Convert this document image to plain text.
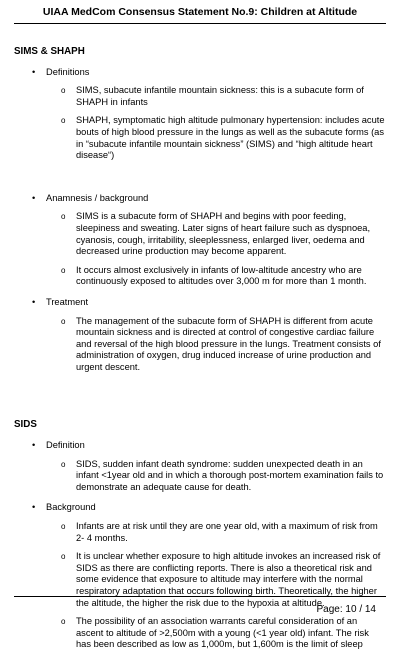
UIAA MedCom Consensus Statement No.9: Children at Altitude
SIMS & SHAPH
• Definitions
o SIMS, subacute infantile mountain sickness: this is a subacute form of SHAPH in infants
o SHAPH, symptomatic high altitude pulmonary hypertension: includes acute bouts of high blood pressure in the lungs as well as the subacute forms (as in “subacute infantile mountain sickness” (SIMS) and “high altitude heart disease“)
• Anamnesis / background
o SIMS is a subacute form of SHAPH and begins with poor feeding, sleepiness and sweating. Later signs of heart failure such as dyspnoea, cyanosis, cough, irritability, sleeplessness, enlarged liver, oedema and decreased urine production may become apparent.
o It occurs almost exclusively in infants of low-altitude ancestry who are continuously exposed to altitudes over 3,000 m for more than 1 month.
• Treatment
o The management of the subacute form of SHAPH is different from acute mountain sickness and is directed at control of congestive cardiac failure and reversal of the high blood pressure in the lungs. Treatment consists of administration of oxygen, drug induced increase of urine production and urgent descent.
SIDS
• Definition
o SIDS, sudden infant death syndrome: sudden unexpected death in an infant <1year old and in which a thorough post-mortem examination fails to demonstrate an adequate cause for death.
• Background
o Infants are at risk until they are one year old, with a maximum of risk from 2- 4 months.
o It is unclear whether exposure to high altitude invokes an increased risk of SIDS as there are conflicting reports. There is also a theoretical risk and some evidence that exposure to altitude may interfere with the normal respiratory adaptation that occurs following birth. Theoretically, the higher the altitude, the higher the risk due to the hypoxia at altitude.
o The possibility of an association warrants careful consideration of an ascent to altitude of >2,500m with a young (<1 year old) infant. The risk has been described as low as 1,000m, but 1,600m is the limit of sleep
Page: 10 / 14
